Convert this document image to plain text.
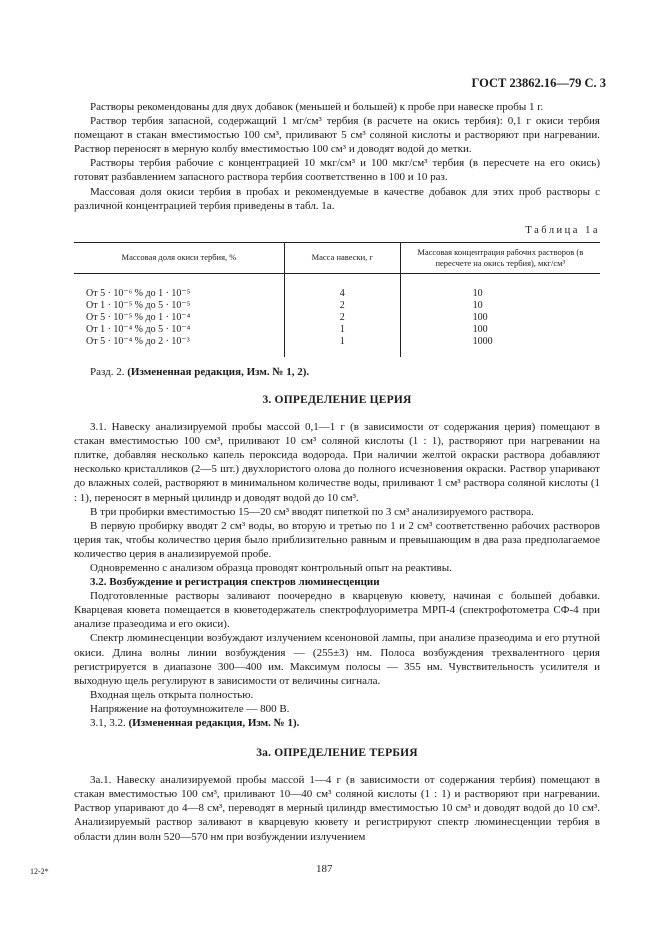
ГОСТ 23862.16—79 С. 3

Растворы рекомендованы для двух добавок (меньшей и большей) к пробе при навеске пробы 1 г.

Раствор тербия запасной, содержащий 1 мг/см³ тербия (в расчете на окись тербия): 0,1 г окиси тербия помещают в стакан вместимостью 100 см³, приливают 5 см³ соляной кислоты и растворяют при нагревании. Раствор переносят в мерную колбу вместимостью 100 см³ и доводят водой до метки.

Растворы тербия рабочие с концентрацией 10 мкг/см³ и 100 мкг/см³ тербия (в пересчете на его окись) готовят разбавлением запасного раствора тербия соответственно в 100 и 10 раз.

Массовая доля окиси тербия в пробах и рекомендуемые в качестве добавок для этих проб растворы с различной концентрацией тербия приведены в табл. 1а.

Таблица 1а
Массовая доля окиси тербия, %	Масса навески, г	Массовая концентрация рабочих растворов (в пересчете на окись тербия), мкг/см³
От 5 · 10⁻⁶ % до 1 · 10⁻⁵	4	10
От 1 · 10⁻⁵ % до 5 · 10⁻⁵	2	10
От 5 · 10⁻⁵ % до 1 · 10⁻⁴	2	100
От 1 · 10⁻⁴ % до 5 · 10⁻⁴	1	100
От 5 · 10⁻⁴ % до 2 · 10⁻³	1	1000

Разд. 2. (Измененная редакция, Изм. № 1, 2).

3. ОПРЕДЕЛЕНИЕ ЦЕРИЯ

3.1. Навеску анализируемой пробы массой 0,1—1 г (в зависимости от содержания церия) помещают в стакан вместимостью 100 см³, приливают 10 см³ соляной кислоты (1 : 1), растворяют при нагревании на плитке, добавляя несколько капель пероксида водорода. При наличии желтой окраски раствора добавляют несколько кристалликов (2—5 шт.) двухлористого олова до полного исчезновения окраски. Раствор упаривают до влажных солей, растворяют в минимальном количестве воды, приливают 1 см³ раствора соляной кислоты (1 : 1), переносят в мерный цилиндр и доводят водой до 10 см³.

В три пробирки вместимостью 15—20 см³ вводят пипеткой по 3 см³ анализируемого раствора.

В первую пробирку вводят 2 см³ воды, во вторую и третью по 1 и 2 см³ соответственно рабочих растворов церия так, чтобы количество церия было приблизительно равным и превышающим в два раза предполагаемое количество церия в анализируемой пробе.

Одновременно с анализом образца проводят контрольный опыт на реактивы.

3.2. Возбуждение и регистрация спектров люминесценции

Подготовленные растворы заливают поочередно в кварцевую кювету, начиная с большей добавки. Кварцевая кювета помещается в кюветодержатель спектрофлуориметра МРП-4 (спектрофотометра СФ-4 при анализе празеодима и его окиси).

Спектр люминесценции возбуждают излучением ксеноновой лампы, при анализе празеодима и его ртутной окиси. Длина волны линии возбуждения — (255±3) нм. Полоса возбуждения трехвалентного церия регистрируется в диапазоне 300—400 им. Максимум полосы — 355 нм. Чувствительность усилителя и выходную щель регулируют в зависимости от величины сигнала.

Входная щель открыта полностью.

Напряжение на фотоумножителе — 800 В.

3.1, 3.2. (Измененная редакция, Изм. № 1).

3а. ОПРЕДЕЛЕНИЕ ТЕРБИЯ

3а.1. Навеску анализируемой пробы массой 1—4 г (в зависимости от содержания тербия) помещают в стакан вместимостью 100 см³, приливают 10—40 см³ соляной кислоты (1 : 1) и растворяют при нагревании. Раствор упаривают до 4—8 см³, переводят в мерный цилиндр вместимостью 10 см³ и доводят водой до 10 см³. Анализируемый раствор заливают в кварцевую кювету и регистрируют спектр люминесценции тербия в области длин волн 520—570 нм при возбуждении излучением

12-2*	187
